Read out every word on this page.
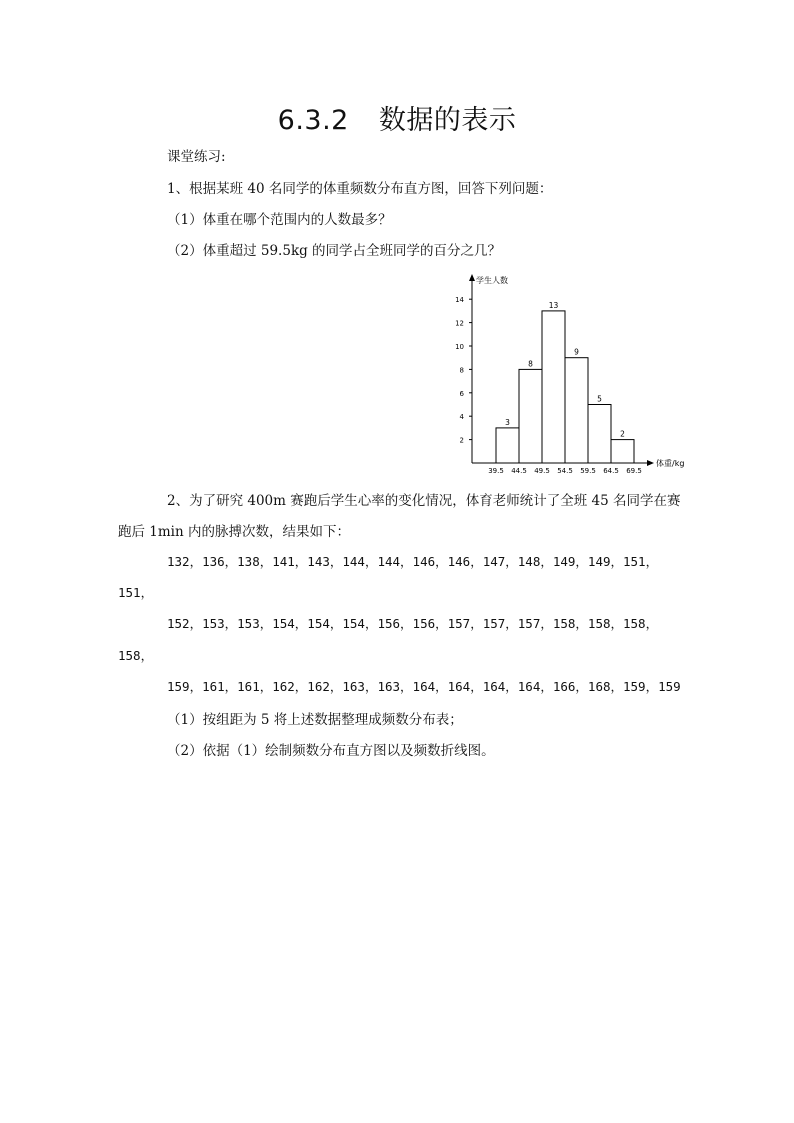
6.3.2 数据的表示
课堂练习:
1、根据某班 40 名同学的体重频数分布直方图，回答下列问题：
（1）体重在哪个范围内的人数最多？
（2）体重超过 59.5kg 的同学占全班同学的百分之几？
学生人数
体重/kg
2
4
6
8
10
12
14
39.5 44.5 49.5 54.5 59.5 64.5 69.5
3
8
13
9
5
2
2、为了研究 400m 赛跑后学生心率的变化情况，体育老师统计了全班 45 名同学在赛
跑后 1min 内的脉搏次数，结果如下：
132，136，138，141，143，144，144，146，146，147，148，149，149，151，
151，
152，153，153，154，154，154，156，156，157，157，157，158，158，158，
158，
159，161，161，162，162，163，163，164，164，164，164，166，168，159，159
（1）按组距为 5 将上述数据整理成频数分布表；
（2）依据（1）绘制频数分布直方图以及频数折线图。
